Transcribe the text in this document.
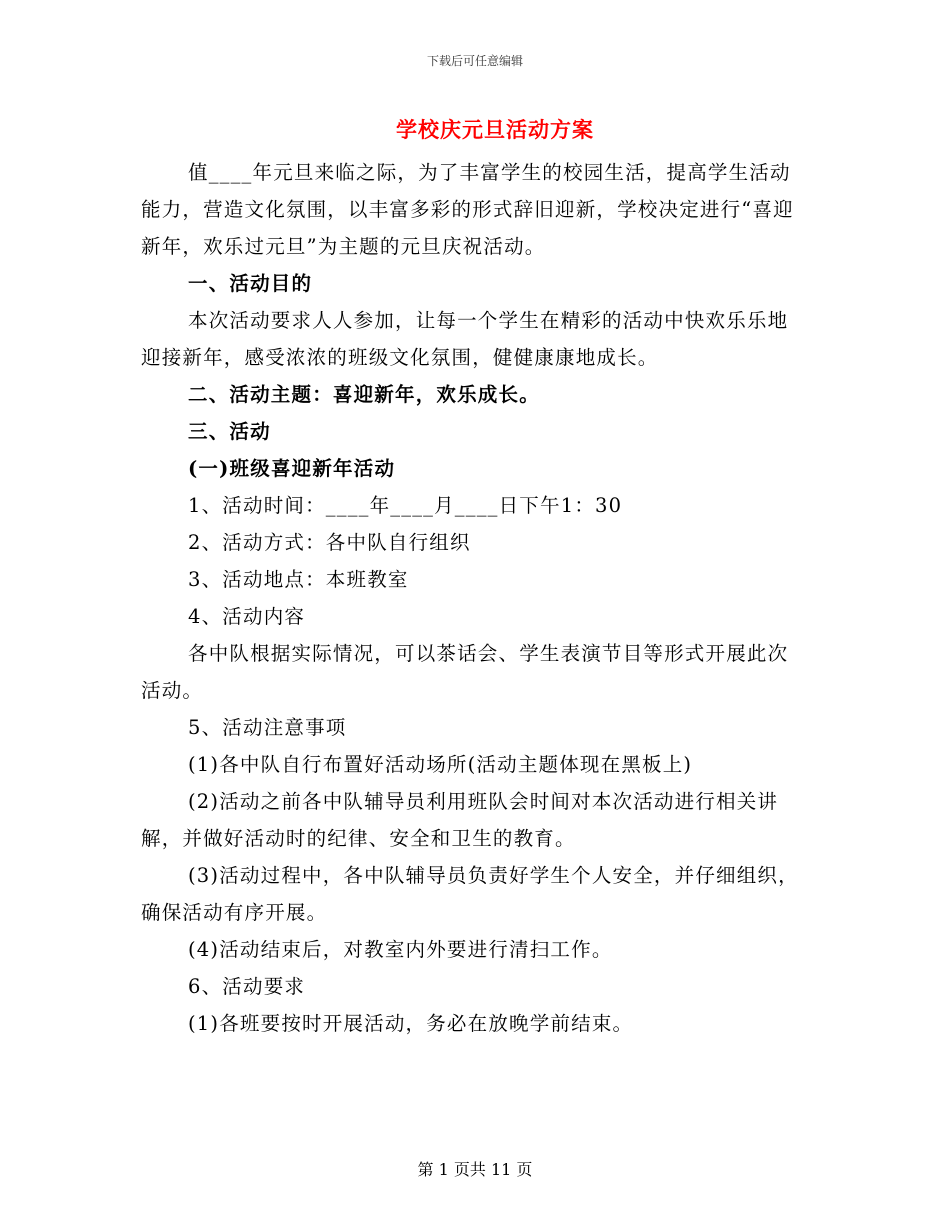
下载后可任意编辑
学校庆元旦活动方案

值____年元旦来临之际，为了丰富学生的校园生活，提高学生活动能力，营造文化氛围，以丰富多彩的形式辞旧迎新，学校决定进行“喜迎新年，欢乐过元旦”为主题的元旦庆祝活动。

一、活动目的

本次活动要求人人参加，让每一个学生在精彩的活动中快欢乐乐地迎接新年，感受浓浓的班级文化氛围，健健康康地成长。

二、活动主题：喜迎新年，欢乐成长。

三、活动

(一)班级喜迎新年活动

1、活动时间：____年____月____日下午1：30

2、活动方式：各中队自行组织

3、活动地点：本班教室

4、活动内容

各中队根据实际情况，可以茶话会、学生表演节目等形式开展此次活动。

5、活动注意事项

(1)各中队自行布置好活动场所(活动主题体现在黑板上)

(2)活动之前各中队辅导员利用班队会时间对本次活动进行相关讲解，并做好活动时的纪律、安全和卫生的教育。

(3)活动过程中，各中队辅导员负责好学生个人安全，并仔细组织，确保活动有序开展。

(4)活动结束后，对教室内外要进行清扫工作。

6、活动要求

(1)各班要按时开展活动，务必在放晚学前结束。

第 1 页共 11 页
